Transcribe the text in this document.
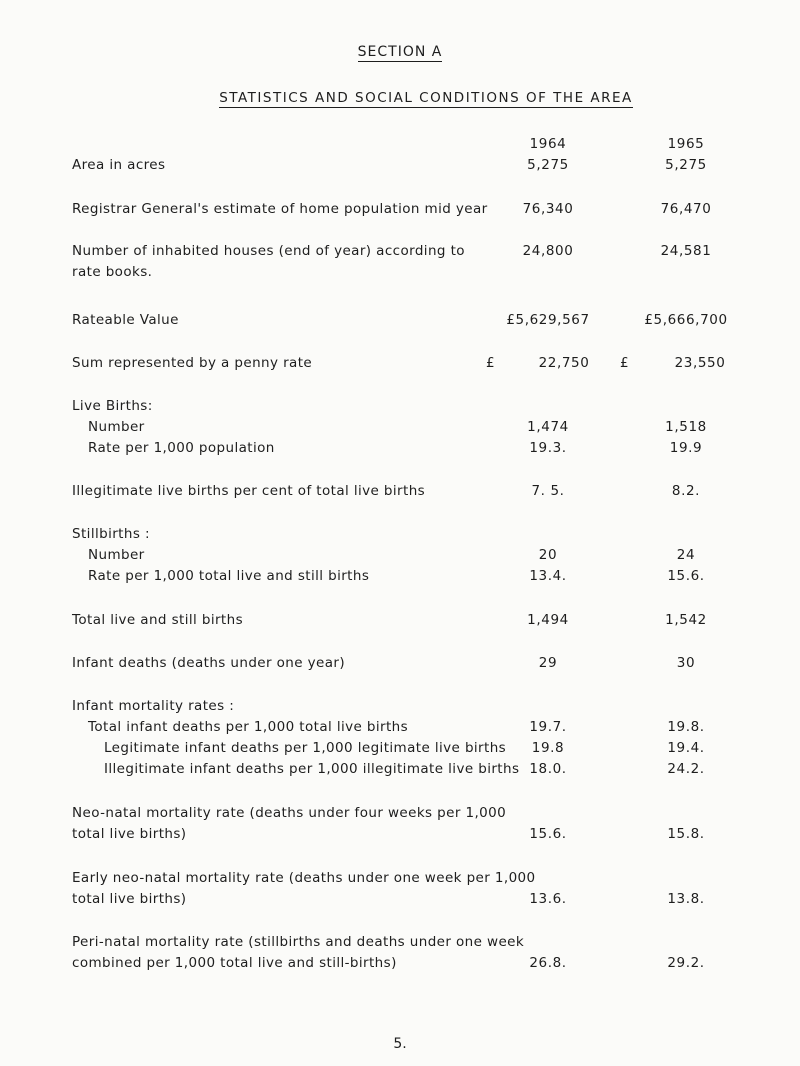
SECTION A
STATISTICS AND SOCIAL CONDITIONS OF THE AREA
1964	1965
Area in acres	5,275	5,275
Registrar General's estimate of home population mid year	76,340	76,470
Number of inhabited houses (end of year) according to	24,800	24,581
rate books.
Rateable Value	£5,629,567	£5,666,700
Sum represented by a penny rate	£	22,750	£	23,550
Live Births:
Number	1,474	1,518
Rate per 1,000 population	19.3.	19.9
Illegitimate live births per cent of total live births	7. 5.	8.2.
Stillbirths :
Number	20	24
Rate per 1,000 total live and still births	13.4.	15.6.
Total live and still births	1,494	1,542
Infant deaths (deaths under one year)	29	30
Infant mortality rates :
Total infant deaths per 1,000 total live births	19.7.	19.8.
Legitimate infant deaths per 1,000 legitimate live births	19.8	19.4.
Illegitimate infant deaths per 1,000 illegitimate live births 18.0.	24.2.
Neo-natal mortality rate (deaths under four weeks per 1,000
total live births)	15.6.	15.8.
Early neo-natal mortality rate (deaths under one week per 1,000
total live births)	13.6.	13.8.
Peri-natal mortality rate (stillbirths and deaths under one week
combined per 1,000 total live and still-births)	26.8.	29.2.
5.
